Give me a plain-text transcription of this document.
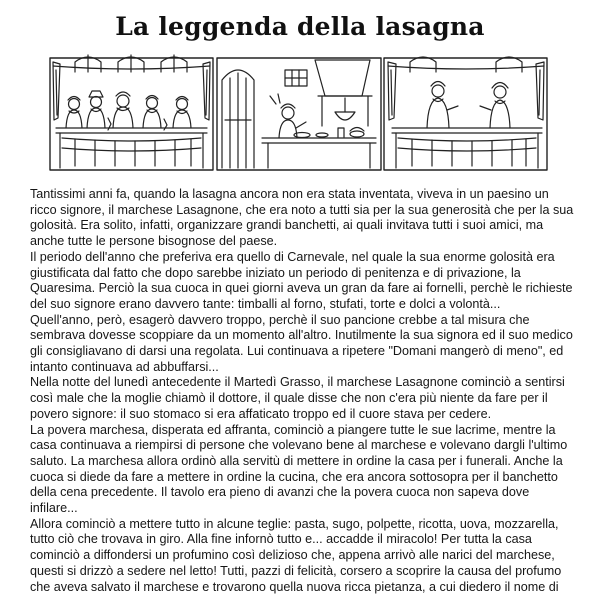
La leggenda della lasagna

Tantissimi anni fa, quando la lasagna ancora non era stata inventata, viveva in un paesino un ricco signore, il marchese Lasagnone, che era noto a tutti sia per la sua generosità che per la sua golosità. Era solito, infatti, organizzare grandi banchetti, ai quali invitava tutti i suoi amici, ma anche tutte le persone bisognose del paese.

Il periodo dell'anno che preferiva era quello di Carnevale, nel quale la sua enorme golosità era giustificata dal fatto che dopo sarebbe iniziato un periodo di penitenza e di privazione, la Quaresima. Perciò la sua cuoca in quei giorni aveva un gran da fare ai fornelli, perchè le richieste del suo signore erano davvero tante: timballi al forno, stufati, torte e dolci a volontà...

Quell'anno, però, esagerò davvero troppo, perchè il suo pancione crebbe a tal misura che sembrava dovesse scoppiare da un momento all'altro. Inutilmente la sua signora ed il suo medico gli consigliavano di darsi una regolata. Lui continuava a ripetere "Domani mangerò di meno", ed intanto continuava ad abbuffarsi...

Nella notte del lunedì antecedente il Martedì Grasso, il marchese Lasagnone cominciò a sentirsi così male che la moglie chiamò il dottore, il quale disse che non c'era più niente da fare per il povero signore: il suo stomaco si era affaticato troppo ed il cuore stava per cedere.

La povera marchesa, disperata ed affranta, cominciò a piangere tutte le sue lacrime, mentre la casa continuava a riempirsi di persone che volevano bene al marchese e volevano dargli l'ultimo saluto. La marchesa allora ordinò alla servitù di mettere in ordine la casa per i funerali. Anche la cuoca si diede da fare a mettere in ordine la cucina, che era ancora sottosopra per il banchetto della cena precedente. Il tavolo era pieno di avanzi che la povera cuoca non sapeva dove infilare...

Allora cominciò a mettere tutto in alcune teglie: pasta, sugo, polpette, ricotta, uova, mozzarella, tutto ciò che trovava in giro. Alla fine infornò tutto e... accadde il miracolo! Per tutta la casa cominciò a diffondersi un profumino così delizioso che, appena arrivò alle narici del marchese, questi si drizzò a sedere nel letto! Tutti, pazzi di felicità, corsero a scoprire la causa del profumo che aveva salvato il marchese e trovarono quella nuova ricca pietanza, a cui diedero il nome di
